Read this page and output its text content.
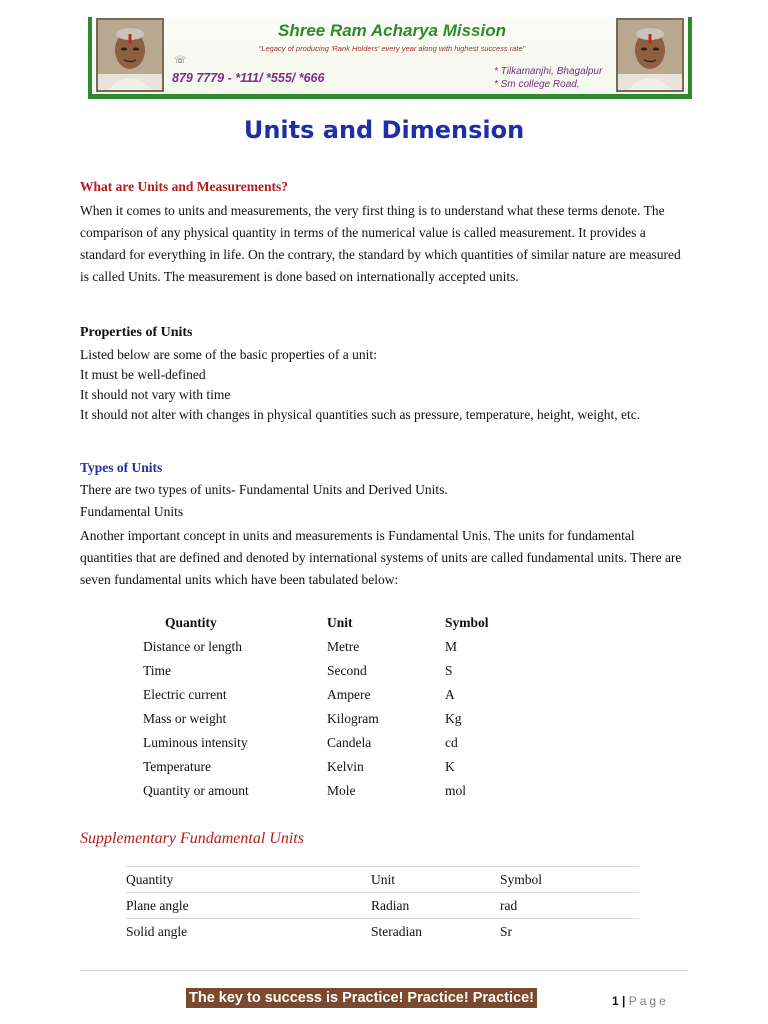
Shree Ram Acharya Mission
"Legacy of producing 'Rank Holders' every year along with highest success rate"
☏
879 7779 - *111/ *555/ *666	* Tilkamanjhi, Bhagalpur
* Sm college Road,
Units and Dimension
What are Units and Measurements?
When it comes to units and measurements, the very first thing is to understand what these terms denote. The comparison of any physical quantity in terms of the numerical value is called measurement. It provides a standard for everything in life. On the contrary, the standard by which quantities of similar nature are measured is called Units. The measurement is done based on internationally accepted units.
Properties of Units
Listed below are some of the basic properties of a unit:
It must be well-defined
It should not vary with time
It should not alter with changes in physical quantities such as pressure, temperature, height, weight, etc.
Types of Units
There are two types of units- Fundamental Units and Derived Units.
Fundamental Units
Another important concept in units and measurements is Fundamental Unis. The units for fundamental quantities that are defined and denoted by international systems of units are called fundamental units. There are seven fundamental units which have been tabulated below:
Quantity	Unit	Symbol
Distance or length	Metre	M
Time	Second	S
Electric current	Ampere	A
Mass or weight	Kilogram	Kg
Luminous intensity	Candela	cd
Temperature	Kelvin	K
Quantity or amount	Mole	mol
Supplementary Fundamental Units
Quantity	Unit	Symbol
Plane angle	Radian	rad
Solid angle	Steradian	Sr
The key to success is Practice! Practice! Practice!	1 | Page
